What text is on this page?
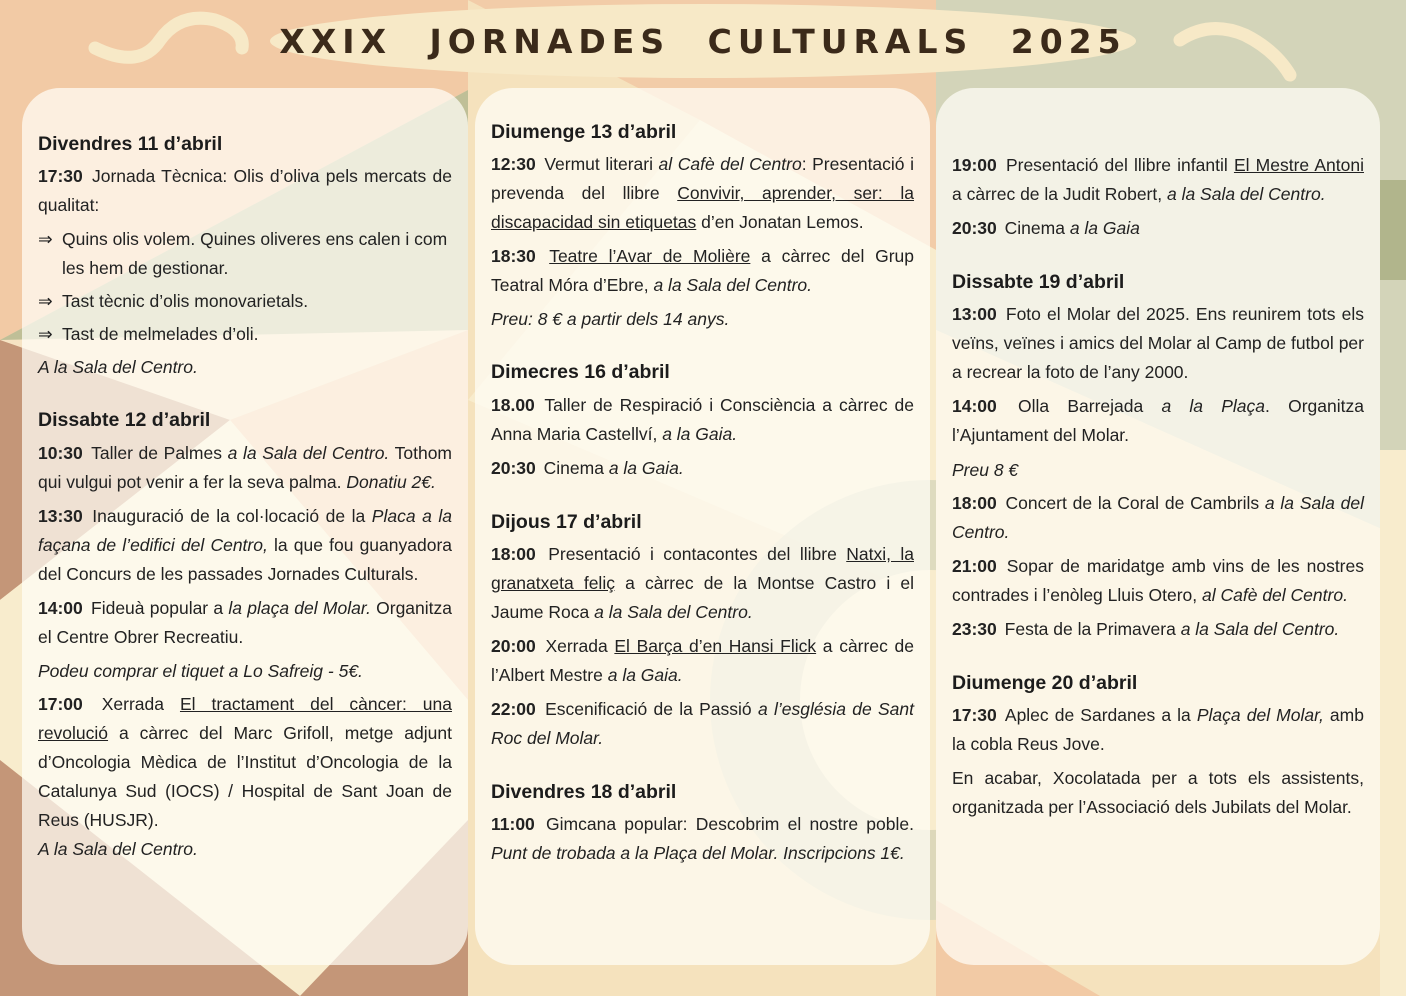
XXIX JORNADES CULTURALS 2025

Divendres 11 d’abril

17:30 Jornada Tècnica: Olis d’oliva pels mercats de qualitat:
⇒ Quins olis volem. Quines oliveres ens calen i com les hem de gestionar.
⇒ Tast tècnic d’olis monovarietals.
⇒ Tast de melmelades d’oli.

A la Sala del Centro.

Dissabte 12 d’abril

10:30 Taller de Palmes a la Sala del Centro. Tothom qui vulgui pot venir a fer la seva palma. Donatiu 2€.
13:30 Inauguració de la col·locació de la Placa a la façana de l’edifici del Centro, la que fou guanyadora del Concurs de les passades Jornades Culturals.
14:00 Fideuà popular a la plaça del Molar. Organitza el Centre Obrer Recreatiu.

Podeu comprar el tiquet a Lo Safreig - 5€.

17:00 Xerrada El tractament del càncer: una revolució a càrrec del Marc Grifoll, metge adjunt d’Oncologia Mèdica de l’Institut d’Oncologia de la Catalunya Sud (IOCS) / Hospital de Sant Joan de Reus (HUSJR).
A la Sala del Centro.

Diumenge 13 d’abril

12:30 Vermut literari al Cafè del Centro: Presentació i prevenda del llibre Convivir, aprender, ser: la discapacidad sin etiquetas d’en Jonatan Lemos.
18:30 Teatre l’Avar de Molière a càrrec del Grup Teatral Móra d’Ebre, a la Sala del Centro.

Preu: 8 € a partir dels 14 anys.

Dimecres 16 d’abril

18.00 Taller de Respiració i Consciència a càrrec de Anna Maria Castellví, a la Gaia.
20:30 Cinema a la Gaia.

Dijous 17 d’abril

18:00 Presentació i contacontes del llibre Natxi, la granatxeta feliç a càrrec de la Montse Castro i el Jaume Roca a la Sala del Centro.
20:00 Xerrada El Barça d’en Hansi Flick a càrrec de l’Albert Mestre a la Gaia.
22:00 Escenificació de la Passió a l’església de Sant Roc del Molar.

Divendres 18 d’abril

11:00 Gimcana popular: Descobrim el nostre poble. Punt de trobada a la Plaça del Molar. Inscripcions 1€.
19:00 Presentació del llibre infantil El Mestre Antoni a càrrec de la Judit Robert, a la Sala del Centro.
20:30 Cinema a la Gaia

Dissabte 19 d’abril

13:00 Foto el Molar del 2025. Ens reunirem tots els veïns, veïnes i amics del Molar al Camp de futbol per a recrear la foto de l’any 2000.
14:00 Olla Barrejada a la Plaça. Organitza l’Ajuntament del Molar.

Preu 8 €

18:00 Concert de la Coral de Cambrils a la Sala del Centro.
21:00 Sopar de maridatge amb vins de les nostres contrades i l’enòleg Lluis Otero, al Cafè del Centro.
23:30 Festa de la Primavera a la Sala del Centro.

Diumenge 20 d’abril

17:30 Aplec de Sardanes a la Plaça del Molar, amb la cobla Reus Jove.
En acabar, Xocolatada per a tots els assistents, organitzada per l’Associació dels Jubilats del Molar.
